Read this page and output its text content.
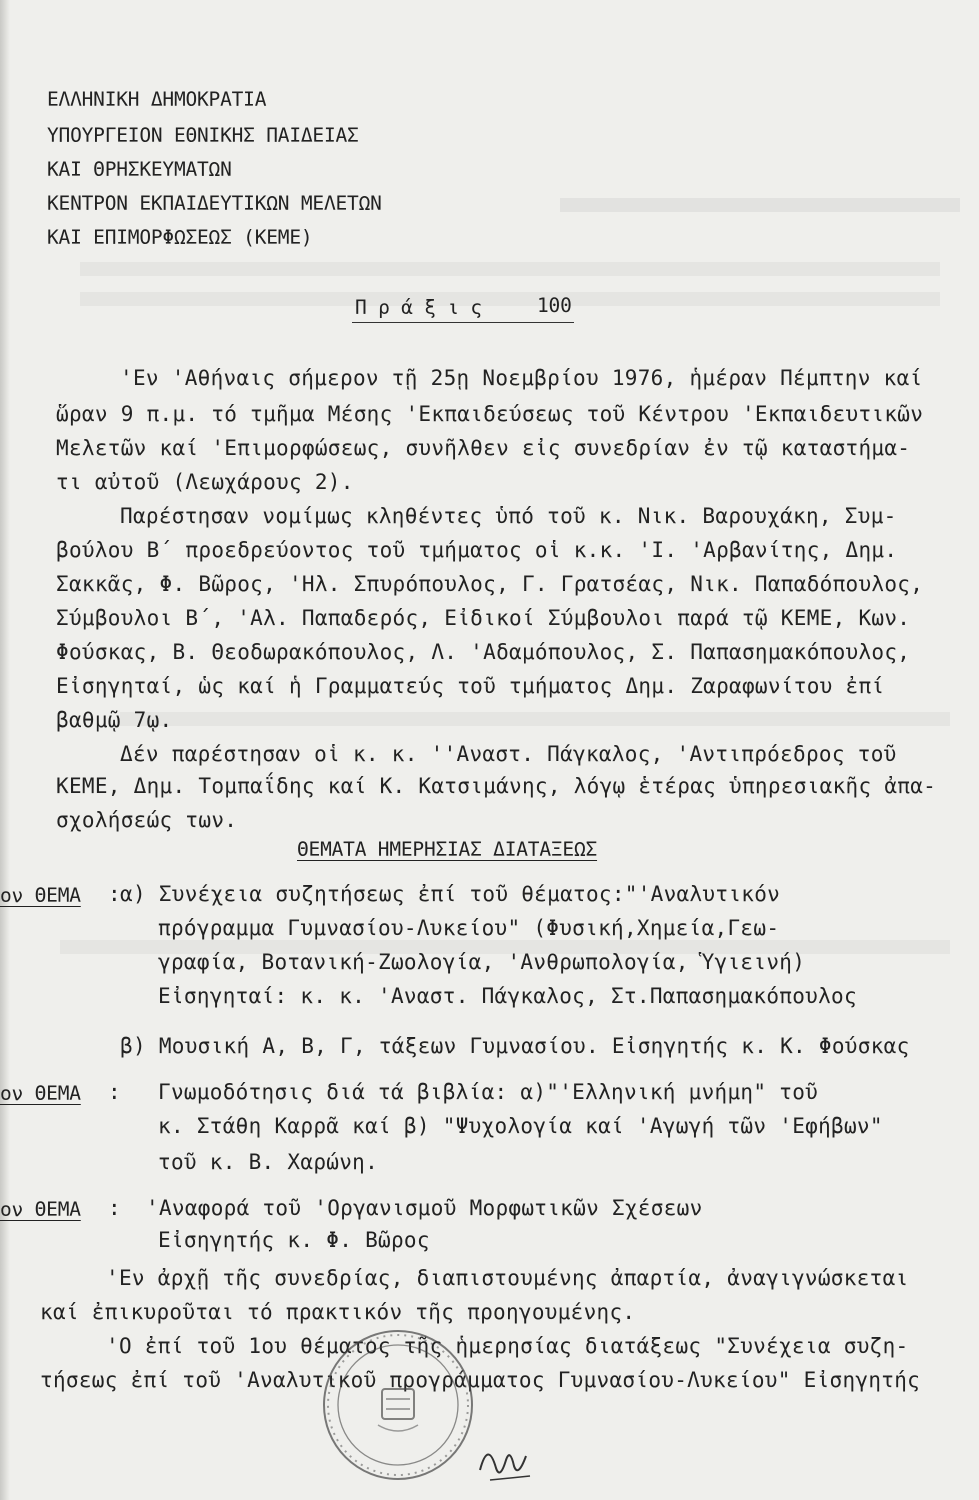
ΕΛΛΗΝΙΚΗ ΔΗΜΟΚΡΑΤΙΑ
ΥΠΟΥΡΓΕΙΟΝ ΕΘΝΙΚΗΣ ΠΑΙΔΕΙΑΣ
ΚΑΙ ΘΡΗΣΚΕΥΜΑΤΩΝ
ΚΕΝΤΡΟΝ ΕΚΠΑΙΔΕΥΤΙΚΩΝ ΜΕΛΕΤΩΝ
ΚΑΙ ΕΠΙΜΟΡΦΩΣΕΩΣ (ΚΕΜΕ)
Π ρ ά ξ ι ς	100
'Εν 'Αθήναις σήμερον τῇ 25ῃ Νοεμβρίου 1976, ἡμέραν Πέμπτην καί
ὥραν 9 π.μ. τό τμῆμα Μέσης 'Εκπαιδεύσεως τοῦ Κέντρου 'Εκπαιδευτικῶν
Μελετῶν καί 'Επιμορφώσεως, συνῆλθεν εἰς συνεδρίαν ἐν τῷ καταστήμα-
τι αὐτοῦ (Λεωχάρους 2).
Παρέστησαν νομίμως κληθέντες ὑπό τοῦ κ. Νικ. Βαρουχάκη, Συμ-
βούλου Β΄ προεδρεύοντος τοῦ τμήματος οἱ κ.κ. 'Ι. 'Αρβανίτης, Δημ.
Σακκᾶς, Φ. Βῶρος, 'Ηλ. Σπυρόπουλος, Γ. Γρατσέας, Νικ. Παπαδόπουλος,
Σύμβουλοι Β΄, 'Αλ. Παπαδερός, Εἰδικοί Σύμβουλοι παρά τῷ ΚΕΜΕ, Κων.
Φούσκας, Β. Θεοδωρακόπουλος, Λ. 'Αδαμόπουλος, Σ. Παπασημακόπουλος,
Εἰσηγηταί, ὡς καί ἡ Γραμματεύς τοῦ τμήματος Δημ. Ζαραφωνίτου ἐπί
βαθμῷ 7ῳ.
Δέν παρέστησαν οἱ κ. κ. ''Αναστ. Πάγκαλος, 'Αντιπρόεδρος τοῦ
ΚΕΜΕ, Δημ. Τομπαΐδης καί Κ. Κατσιμάνης, λόγῳ ἑτέρας ὑπηρεσιακῆς ἀπα-
σχολήσεώς των.
ΘΕΜΑΤΑ ΗΜΕΡΗΣΙΑΣ ΔΙΑΤΑΞΕΩΣ
ον ΘΕΜΑ : α) Συνέχεια συζητήσεως ἐπί τοῦ θέματος:"'Αναλυτικόν
πρόγραμμα Γυμνασίου-Λυκείου" (Φυσική,Χημεία,Γεω-
γραφία, Βοτανική-Ζωολογία, 'Ανθρωπολογία, Ὑγιεινή)
Εἰσηγηταί: κ. κ. 'Αναστ. Πάγκαλος, Στ.Παπασημακόπουλος
β) Μουσική Α, Β, Γ, τάξεων Γυμνασίου. Εἰσηγητής κ. Κ. Φούσκας
ον ΘΕΜΑ : Γνωμοδότησις διά τά βιβλία: α)"'Ελληνική μνήμη" τοῦ
κ. Στάθη Καρρᾶ καί β) "Ψυχολογία καί 'Αγωγή τῶν 'Εφήβων"
τοῦ κ. Β. Χαρώνη.
ον ΘΕΜΑ : 'Αναφορά τοῦ 'Οργανισμοῦ Μορφωτικῶν Σχέσεων
Εἰσηγητής κ. Φ. Βῶρος
'Εν ἀρχῇ τῆς συνεδρίας, διαπιστουμένης ἀπαρτία, ἀναγιγνώσκεται
καί ἐπικυροῦται τό πρακτικόν τῆς προηγουμένης.
'Ο ἐπί τοῦ 1ου θέματος τῆς ἡμερησίας διατάξεως "Συνέχεια συζη-
τήσεως ἐπί τοῦ 'Αναλυτικοῦ προγράμματος Γυμνασίου-Λυκείου" Εἰσηγητής
